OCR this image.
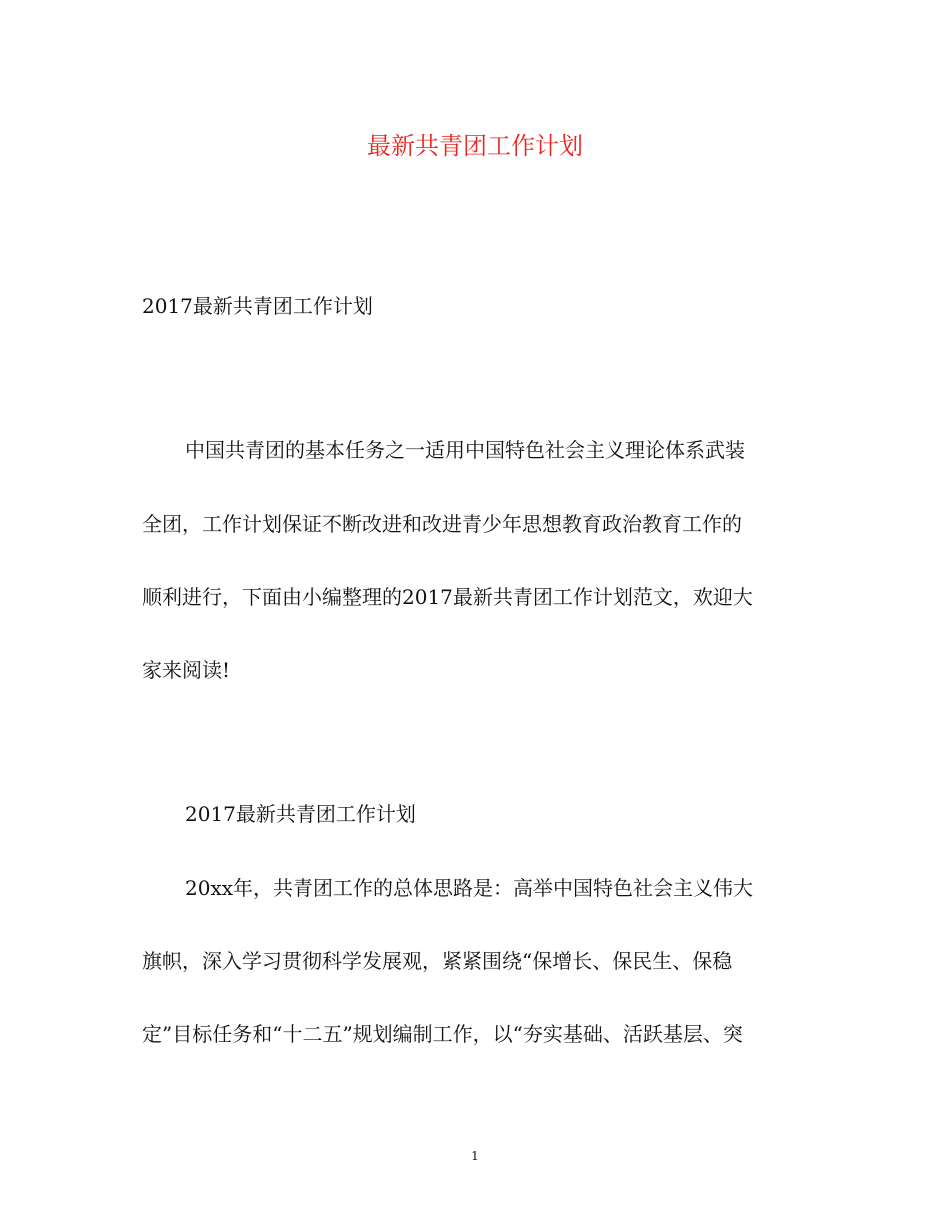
最新共青团工作计划

2017最新共青团工作计划

中国共青团的基本任务之一适用中国特色社会主义理论体系武装

全团，工作计划保证不断改进和改进青少年思想教育政治教育工作的

顺利进行，下面由小编整理的2017最新共青团工作计划范文，欢迎大

家来阅读!

2017最新共青团工作计划

20xx年，共青团工作的总体思路是：高举中国特色社会主义伟大

旗帜，深入学习贯彻科学发展观，紧紧围绕“保增长、保民生、保稳

定”目标任务和“十二五”规划编制工作，以“夯实基础、活跃基层、突

1
